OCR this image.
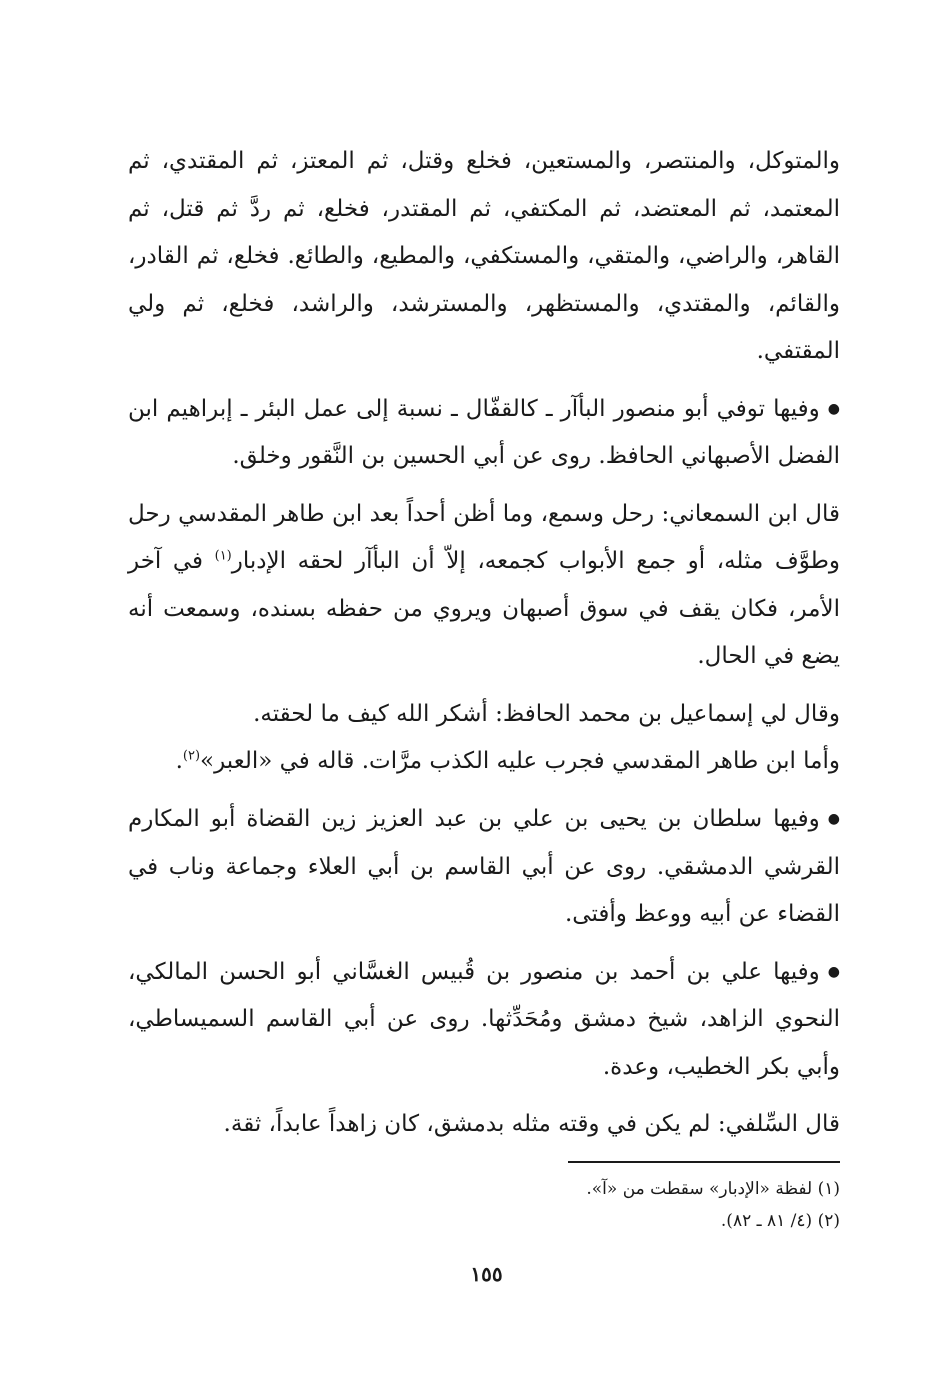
والمتوكل، والمنتصر، والمستعين، فخلع وقتل، ثم المعتز، ثم المقتدي، ثم المعتمد، ثم المعتضد، ثم المكتفي، ثم المقتدر، فخلع، ثم ردَّ ثم قتل، ثم القاهر، والراضي، والمتقي، والمستكفي، والمطيع، والطائع. فخلع، ثم القادر، والقائم، والمقتدي، والمستظهر، والمسترشد، والراشد، فخلع، ثم ولي المقتفي.

●وفيها توفي أبو منصور البأآر ـ كالقفّال ـ نسبة إلى عمل البئر ـ إبراهيم ابن الفضل الأصبهاني الحافظ. روى عن أبي الحسين بن النَّقور وخلق.

قال ابن السمعاني: رحل وسمع، وما أظن أحداً بعد ابن طاهر المقدسي رحل وطوَّف مثله، أو جمع الأبواب كجمعه، إلاّ أن البأآر لحقه الإدبار$^{(١)}$ في آخر الأمر، فكان يقف في سوق أصبهان ويروي من حفظه بسنده، وسمعت أنه يضع في الحال.

وقال لي إسماعيل بن محمد الحافظ: أشكر الله كيف ما لحقته.

وأما ابن طاهر المقدسي فجرب عليه الكذب مرَّات. قاله في «العبر»$^{(٢)}$.

●وفيها سلطان بن يحيى بن علي بن عبد العزيز زين القضاة أبو المكارم القرشي الدمشقي. روى عن أبي القاسم بن أبي العلاء وجماعة وناب في القضاء عن أبيه ووعظ وأفتى.

●وفيها علي بن أحمد بن منصور بن قُبيس الغسَّاني أبو الحسن المالكي، النحوي الزاهد، شيخ دمشق ومُحَدِّثها. روى عن أبي القاسم السميساطي، وأبي بكر الخطيب، وعدة.

قال السِّلفي: لم يكن في وقته مثله بدمشق، كان زاهداً عابداً، ثقة.

(١) لفظة «الإدبار» سقطت من «آ».

(٢) (٤/ ٨١ ـ ٨٢).

١٥٥
